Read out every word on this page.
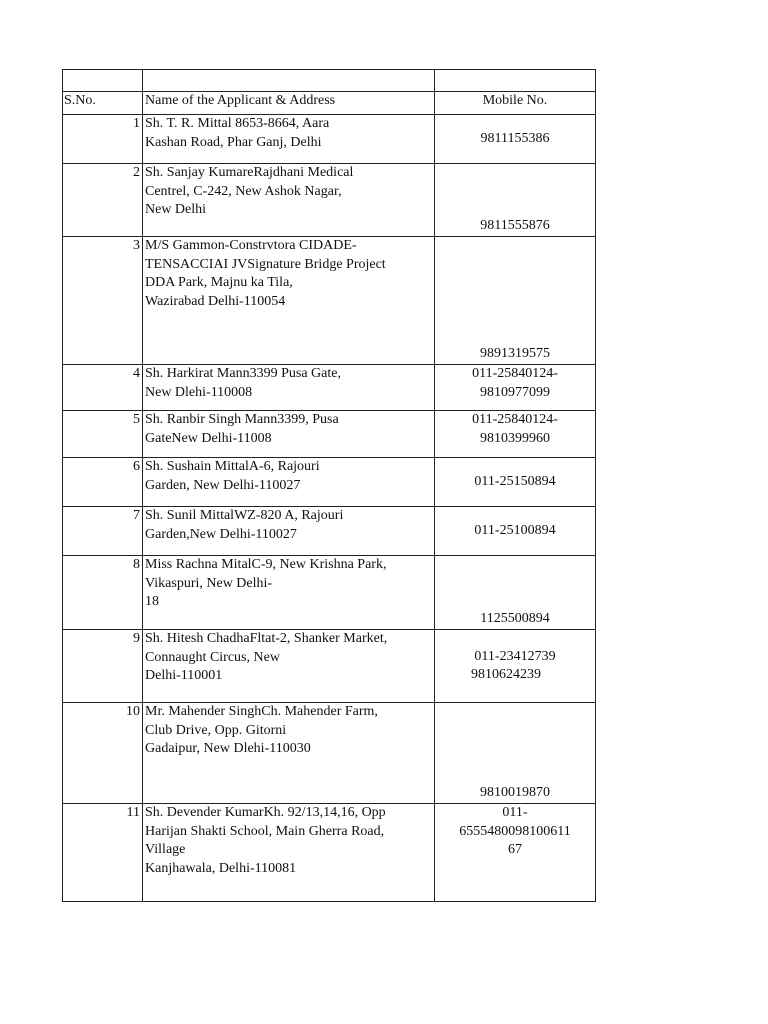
S.No.	Name of the Applicant & Address	Mobile No.
1	Sh. T. R. Mittal 8653-8664, Aara
Kashan Road, Phar Ganj, Delhi	9811155386

2	Sh. Sanjay KumareRajdhani Medical
Centrel, C-242, New Ashok Nagar,
New Delhi	9811555876

3	M/S Gammon-Constrvtora CIDADE-
TENSACCIAI JVSignature Bridge Project
DDA Park, Majnu ka Tila,
Wazirabad Delhi-110054	9891319575

4	Sh. Harkirat Mann3399 Pusa Gate,
New Dlehi-110008	011-25840124-
9810977099

5	Sh. Ranbir Singh Mann3399, Pusa
GateNew Delhi-11008	011-25840124-
9810399960

6	Sh. Sushain MittalA-6, Rajouri
Garden, New Delhi-110027	011-25150894

7	Sh. Sunil MittalWZ-820 A, Rajouri
Garden,New Delhi-110027	011-25100894

8	Miss Rachna MitalC-9, New Krishna Park,
Vikaspuri, New Delhi-
18	1125500894

9	Sh. Hitesh ChadhaFltat-2, Shanker Market,
Connaught Circus, New
Delhi-110001	011-23412739
9810624239

10	Mr. Mahender SinghCh. Mahender Farm,
Club Drive, Opp. Gitorni
Gadaipur, New Dlehi-110030	9810019870

11	Sh. Devender KumarKh. 92/13,14,16, Opp
Harijan Shakti School, Main Gherra Road,
Village
Kanjhawala, Delhi-110081	011-
6555480098100611
67
